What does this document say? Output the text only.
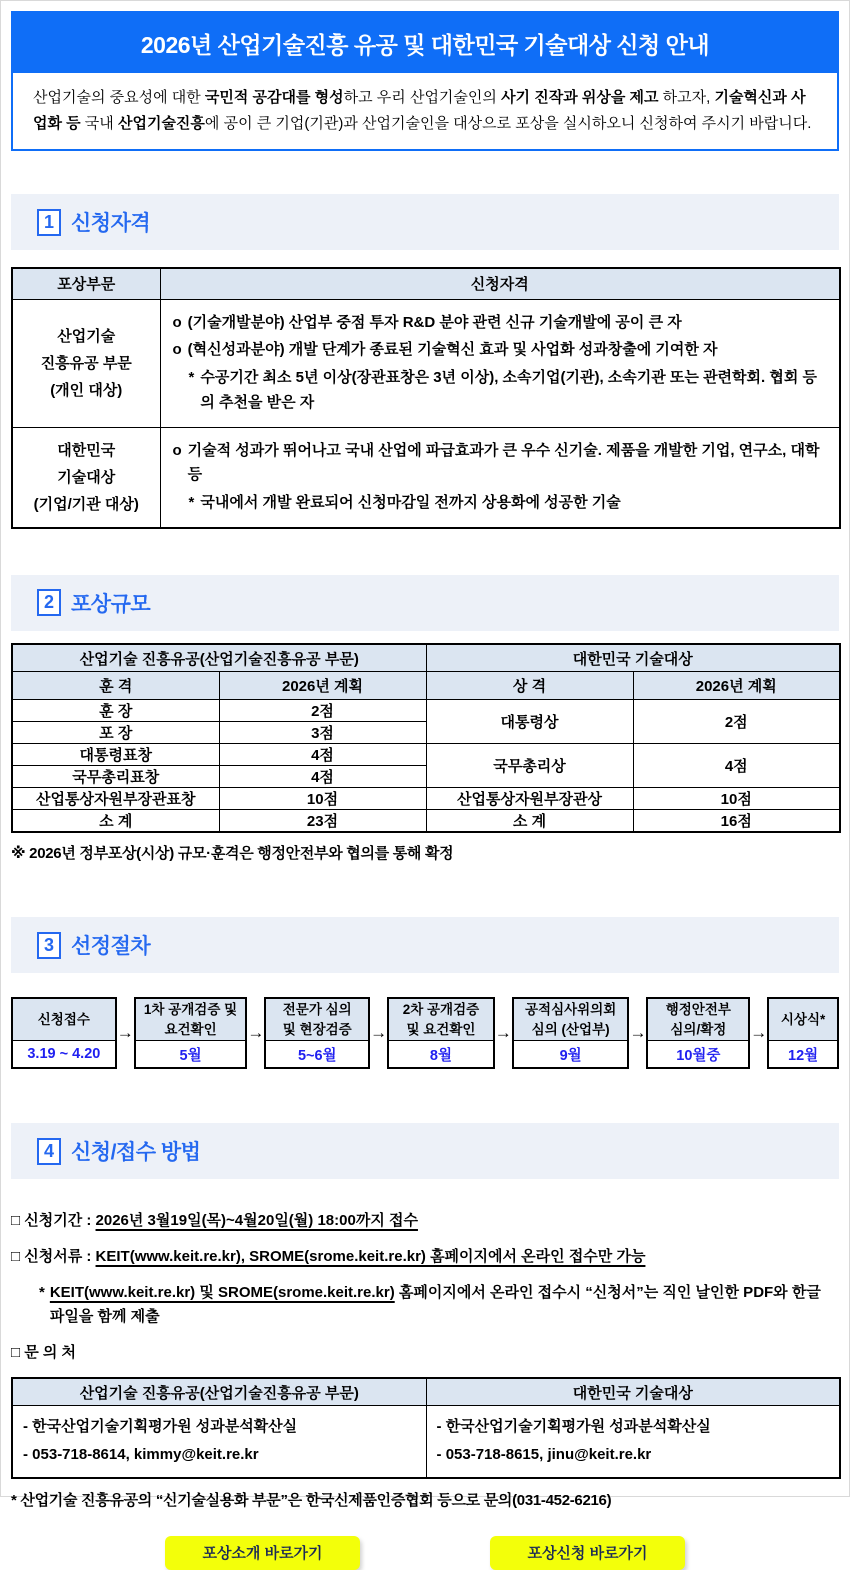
2026년 산업기술진흥 유공 및 대한민국 기술대상 신청 안내

산업기술의 중요성에 대한 국민적 공감대를 형성하고 우리 산업기술인의 사기 진작과 위상을 제고 하고자, 기술혁신과 사업화 등 국내 산업기술진흥에 공이 큰 기업(기관)과 산업기술인을 대상으로 포상을 실시하오니 신청하여 주시기 바랍니다.

1 신청자격
포상부문	신청자격

산업기술
진흥유공 부문
(개인 대상)

o (기술개발분야) 산업부 중점 투자 R&D 분야 관련 신규 기술개발에 공이 큰 자
o (혁신성과분야) 개발 단계가 종료된 기술혁신 효과 및 사업화 성과창출에 기여한 자
* 수공기간 최소 5년 이상(장관표창은 3년 이상), 소속기업(기관), 소속기관 또는 관련학회. 협회 등의 추천을 받은 자

대한민국
기술대상
(기업/기관 대상)

o 기술적 성과가 뛰어나고 국내 산업에 파급효과가 큰 우수 신기술. 제품을 개발한 기업, 연구소, 대학 등
* 국내에서 개발 완료되어 신청마감일 전까지 상용화에 성공한 기술
2 포상규모
산업기술 진흥유공(산업기술진흥유공 부문)		대한민국 기술대상	
훈 격	2026년 계획	상 격	2026년 계획
훈 장	2점	대통령상	2점
포 장	3점		
대통령표창	4점	국무총리상	4점
국무총리표창	4점		
산업통상자원부장관표창	10점	산업통상자원부장관상	10점
소 계	23점	소 계	16점
※ 2026년 정부포상(시상) 규모·훈격은 행정안전부와 협의를 통해 확정
3 선정절차
신청접수
3.19 ~ 4.20
→
1차 공개검증 및
요건확인
5월
→
전문가 심의
및 현장검증
5~6월
→
2차 공개검증
및 요건확인
8월
→
공적심사위의회
심의 (산업부)
9월
→
행정안전부
심의/확정
10월중
→
시상식*
12월
4 신청/접수 방법
□ 신청기간 : 2026년 3월19일(목)~4월20일(월) 18:00까지 접수
□ 신청서류 : KEIT(www.keit.re.kr), SROME(srome.keit.re.kr) 홈페이지에서 온라인 접수만 가능
* KEIT(www.keit.re.kr) 및 SROME(srome.keit.re.kr) 홈페이지에서 온라인 접수시 “신청서”는 직인 날인한 PDF와 한글파일을 함께 제출
□ 문 의 처
산업기술 진흥유공(산업기술진흥유공 부문)	대한민국 기술대상

- 한국산업기술기획평가원 성과분석확산실
- 053-718-8614, kimmy@keit.re.kr

- 한국산업기술기획평가원 성과분석확산실
- 053-718-8615, jinu@keit.re.kr
* 산업기술 진흥유공의 “신기술실용화 부문”은 한국신제품인증협회 등으로 문의(031-452-6216)
포상소개 바로가기	포상신청 바로가기
